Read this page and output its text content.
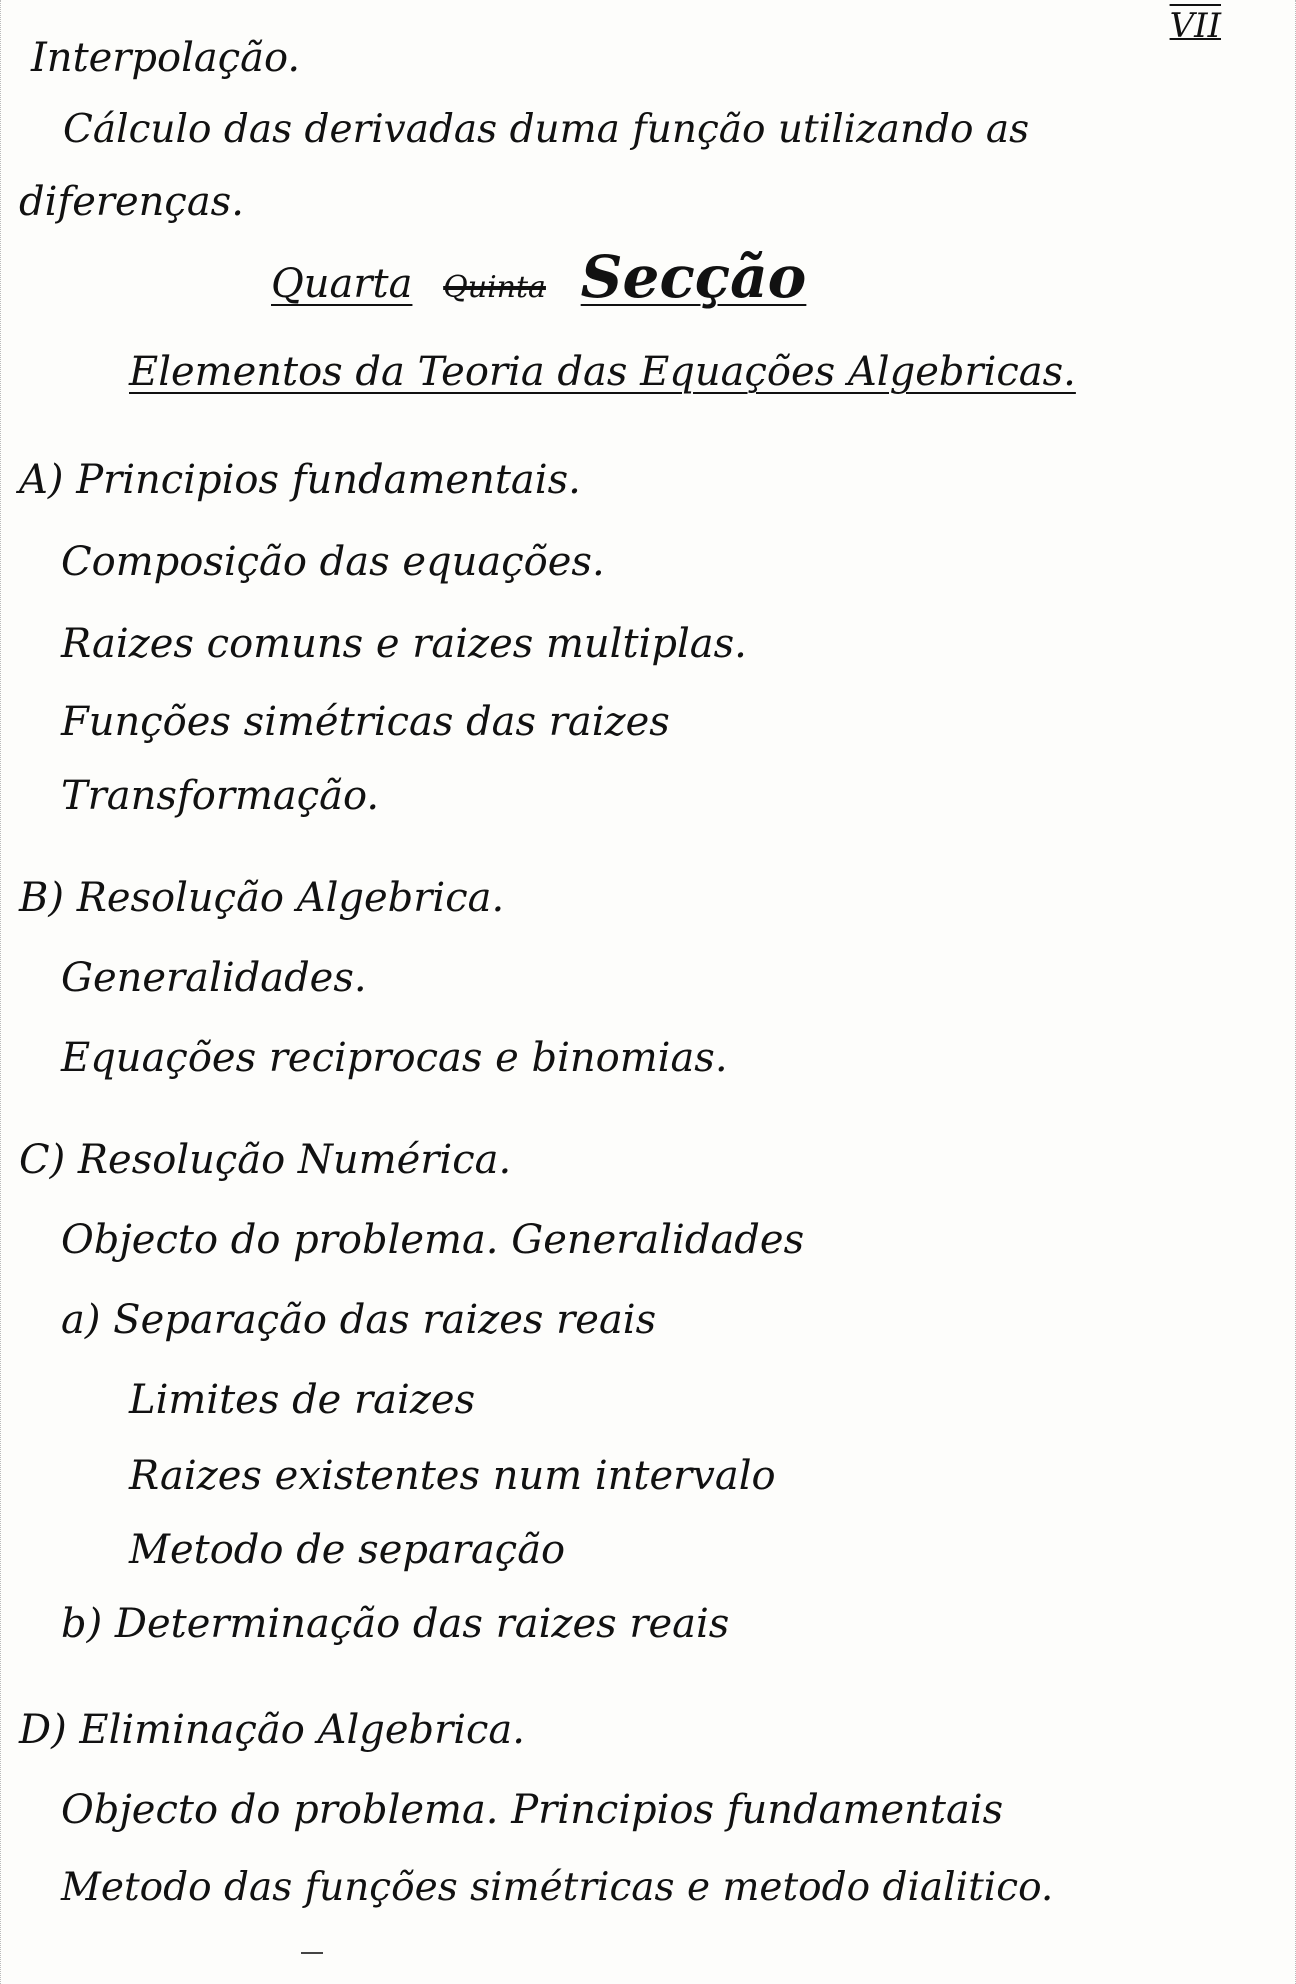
VII
Interpolação.
Cálculo das derivadas duma função utilizando as
diferenças.
Quarta Quinta Secção
Elementos da Teoria das Equações Algebricas.
A) Principios fundamentais.
Composição das equações.
Raizes comuns e raizes multiplas.
Funções simétricas das raizes
Transformação.
B) Resolução Algebrica.
Generalidades.
Equações reciprocas e binomias.
C) Resolução Numérica.
Objecto do problema. Generalidades
a) Separação das raizes reais
Limites de raizes
Raizes existentes num intervalo
Metodo de separação
b) Determinação das raizes reais
D) Eliminação Algebrica.
Objecto do problema. Principios fundamentais
Metodo das funções simétricas e metodo dialitico.
